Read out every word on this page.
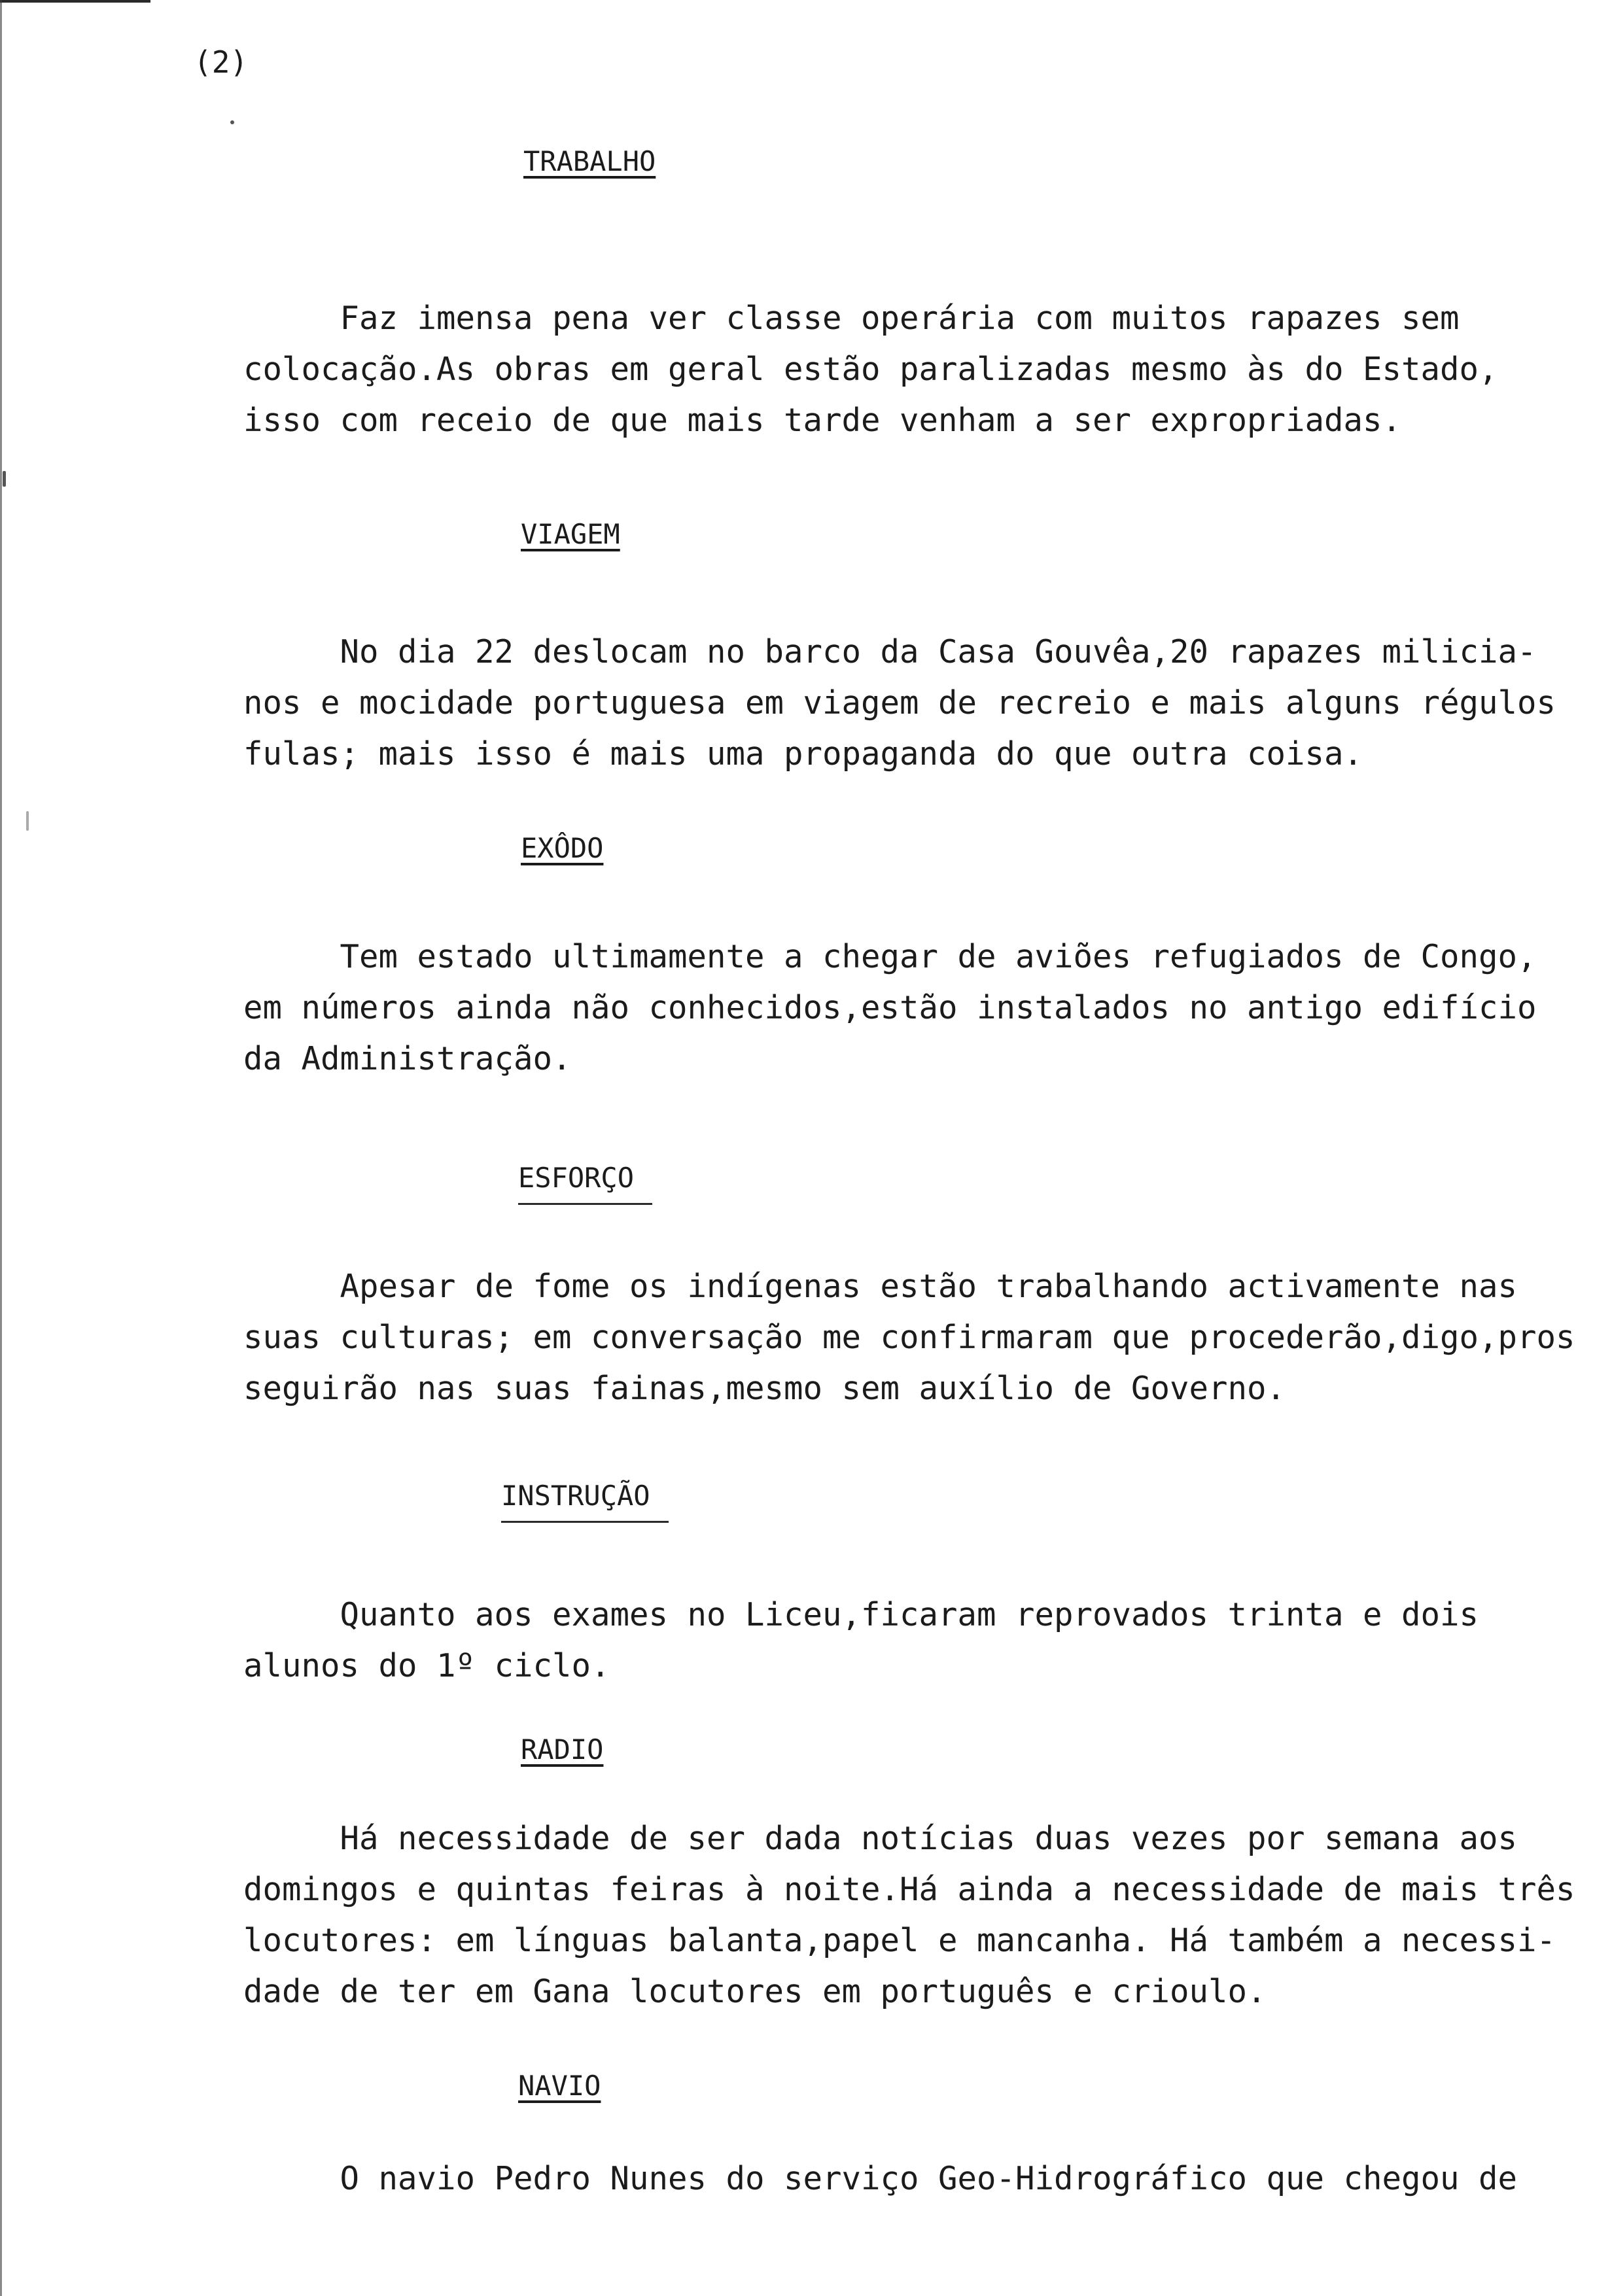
(2)
TRABALHO
Faz imensa pena ver classe operária com muitos rapazes sem
colocação.As obras em geral estão paralizadas mesmo às do Estado,
isso com receio de que mais tarde venham a ser expropriadas.
VIAGEM
No dia 22 deslocam no barco da Casa Gouvêa,20 rapazes milicia-
nos e mocidade portuguesa em viagem de recreio e mais alguns régulos
fulas; mais isso é mais uma propaganda do que outra coisa.
EXÔDO
Tem estado ultimamente a chegar de aviões refugiados de Congo,
em números ainda não conhecidos,estão instalados no antigo edifício
da Administração.
ESFORÇO
Apesar de fome os indígenas estão trabalhando activamente nas
suas culturas; em conversação me confirmaram que procederão,digo,pros
seguirão nas suas fainas,mesmo sem auxílio de Governo.
INSTRUÇÃO
Quanto aos exames no Liceu,ficaram reprovados trinta e dois
alunos do 1º ciclo.
RADIO
Há necessidade de ser dada notícias duas vezes por semana aos
domingos e quintas feiras à noite.Há ainda a necessidade de mais três
locutores: em línguas balanta,papel e mancanha. Há também a necessi-
dade de ter em Gana locutores em português e crioulo.
NAVIO
O navio Pedro Nunes do serviço Geo-Hidrográfico que chegou de
